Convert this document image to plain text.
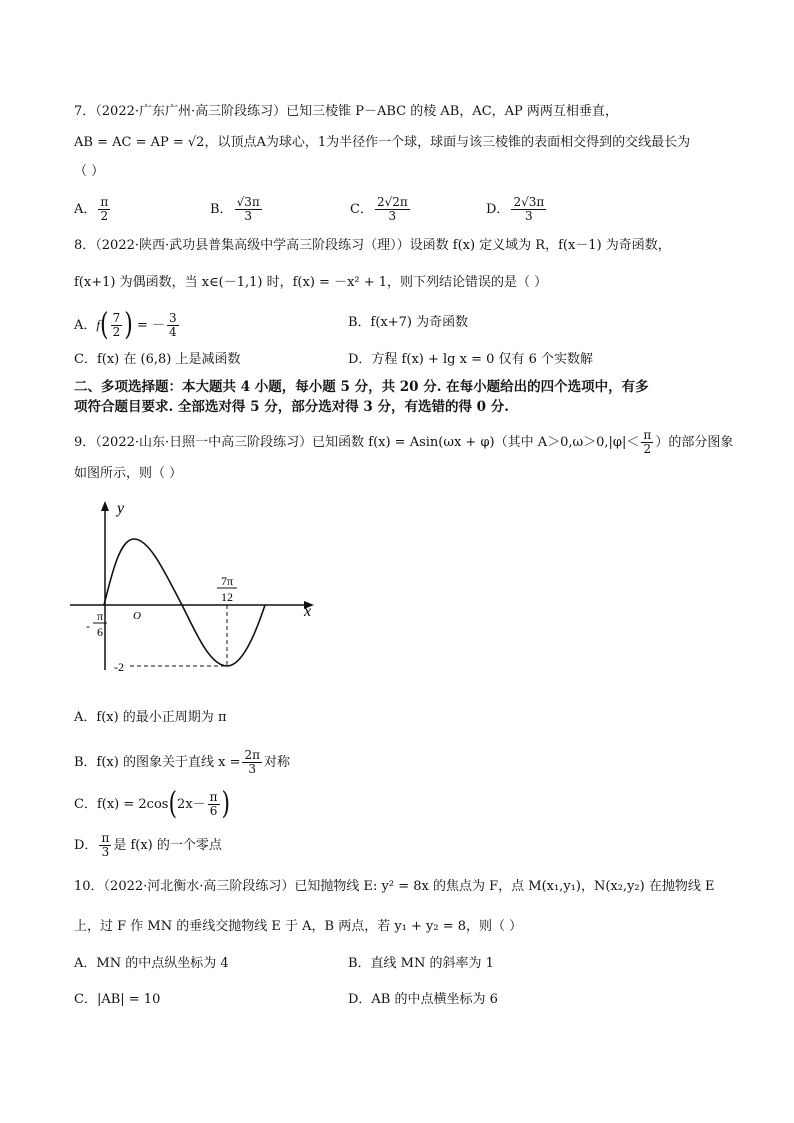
7．（2022·广东广州·高三阶段练习）已知三棱锥 P－ABC 的棱 AB，AC，AP 两两互相垂直，
AB = AC = AP = √2，以顶点A为球心，1为半径作一个球，球面与该三棱锥的表面相交得到的交线最长为
（ ）
A． $\frac{\pi}{2}$	B． $\frac{√3\pi}{3}$	C． $\frac{2√2\pi}{3}$	D． $\frac{2√3\pi}{3}$
8．（2022·陕西·武功县普集高级中学高三阶段练习（理））设函数 f(x) 定义域为 R，f(x－1) 为奇函数，
f(x+1) 为偶函数，当 x∈(－1,1) 时，f(x) = －x² + 1，则下列结论错误的是（ ）
A．$f( \frac{7}{2}$ ) = － $\frac{3}{4}$	B．f(x+7) 为奇函数
C．f(x) 在 (6,8) 上是减函数	D．方程 f(x) + lg x = 0 仅有 6 个实数解
二、多项选择题：本大题共 4 小题，每小题 5 分，共 20 分. 在每小题给出的四个选项中，有多
项符合题目要求. 全部选对得 5 分，部分选对得 3 分，有选错的得 0 分.
9．（2022·山东·日照一中高三阶段练习）已知函数 f(x) = Asin(ωx + φ)（其中 $A>0,\omega>0,|\varphi|< \frac{\pi}{2}$ ）的部分图象
如图所示，则（ ）
y
x
O
-2
-
π
6
7π
12
A．f(x) 的最小正周期为 π
B．f(x) 的图象关于直线 $x = \frac{2\pi}{3}$ 对称
C．$f(x) = 2\cos(2x- \frac{\pi}{6}$ )
D． $\frac{\pi}{3}$ 是 f(x) 的一个零点
10．（2022·河北衡水·高三阶段练习）已知抛物线 E: y² = 8x 的焦点为 F，点 M(x₁,y₁)，N(x₂,y₂) 在抛物线 E
上，过 F 作 MN 的垂线交抛物线 E 于 A，B 两点，若 y₁ + y₂ = 8，则（ ）
A．MN 的中点纵坐标为 4	B．直线 MN 的斜率为 1
C．|AB| = 10	D．AB 的中点横坐标为 6
